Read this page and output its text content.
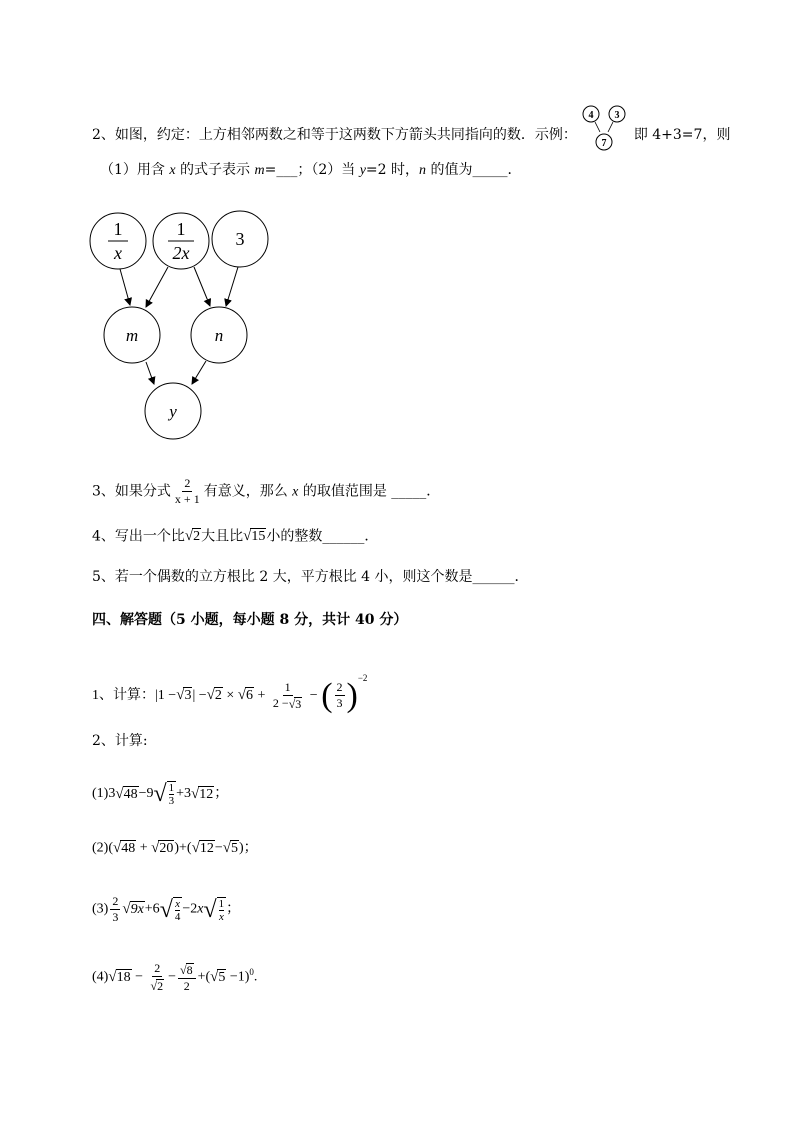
2、如图，约定：上方相邻两数之和等于这两数下方箭头共同指向的数．示例：
4 3
7
即 4+3=7，则
（1）用含 x 的式子表示 m=___；（2）当 y=2 时，n 的值为_____．
1
x
1
2x
3
m	n
y
3、如果分式 $\frac{2}{x + 1}$ 有意义，那么 x 的取值范围是 _____．
4、写出一个比√2大且比√15小的整数______．
5、若一个偶数的立方根比 2 大，平方根比 4 小，则这个数是______．
四、解答题（5 小题，每小题 8 分，共计 40 分）
1、计算：$|1 -√3| -√2 \times √6 + \frac{1}{2 -√3}$ − ( $\frac{2}{3} )^{-2}$
2、计算:
$(1)3√48-9√ \frac{1}{3} +3√12$；
(2)(√48 + √20)+(√12−√5)；
$(3) \frac{2}{3} √9x+6√ \frac{x}{4} -2x√ \frac{1}{x}$ ；
$(4)√18 - \frac{2}{√2} - \frac{√8}{2} +(√5 -1)^0$.
